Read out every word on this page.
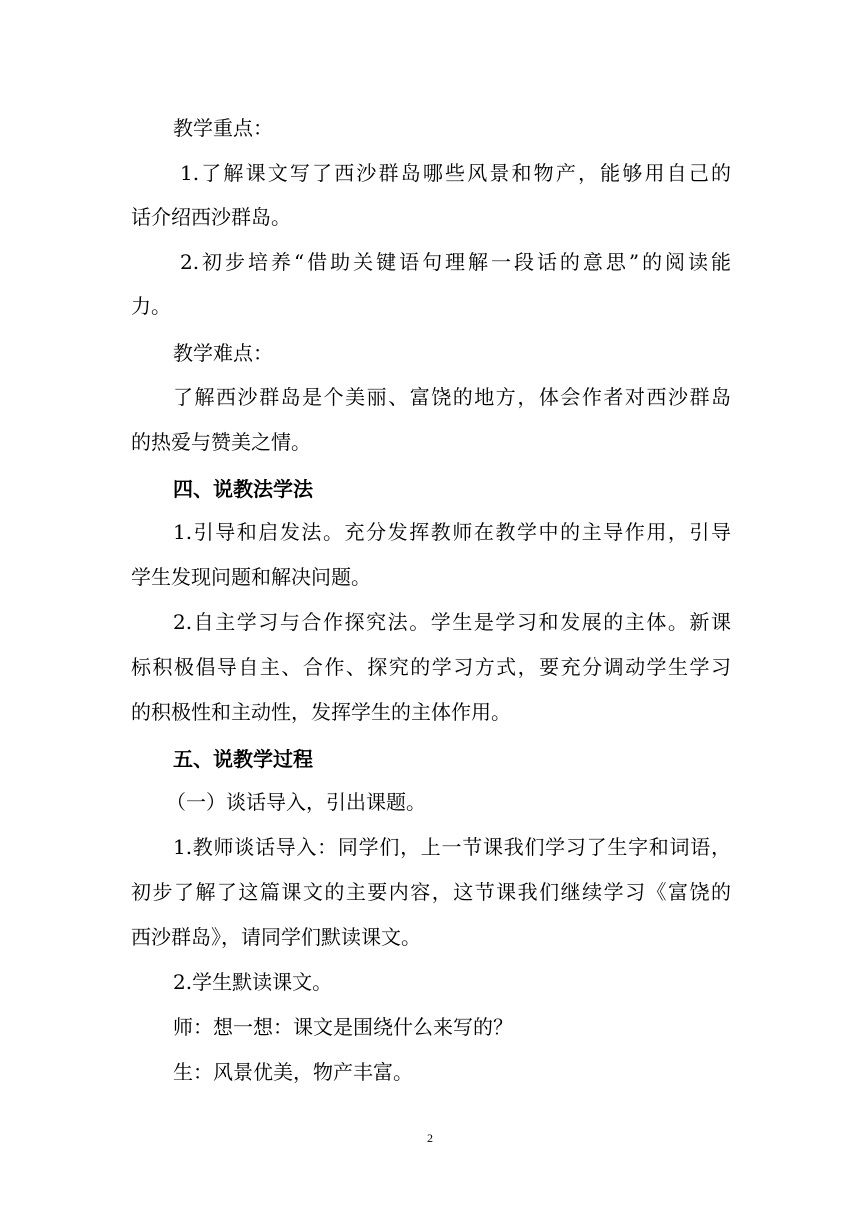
教学重点：
1.了解课文写了西沙群岛哪些风景和物产，能够用自己的
话介绍西沙群岛。
2.初步培养“借助关键语句理解一段话的意思”的阅读能
力。
教学难点：
了解西沙群岛是个美丽、富饶的地方，体会作者对西沙群岛
的热爱与赞美之情。
四、说教法学法
1.引导和启发法。充分发挥教师在教学中的主导作用，引导
学生发现问题和解决问题。
2.自主学习与合作探究法。学生是学习和发展的主体。新课
标积极倡导自主、合作、探究的学习方式，要充分调动学生学习
的积极性和主动性，发挥学生的主体作用。
五、说教学过程
（一）谈话导入，引出课题。
1.教师谈话导入：同学们，上一节课我们学习了生字和词语，
初步了解了这篇课文的主要内容，这节课我们继续学习《富饶的
西沙群岛》，请同学们默读课文。
2.学生默读课文。
师：想一想：课文是围绕什么来写的？
生：风景优美，物产丰富。
2
